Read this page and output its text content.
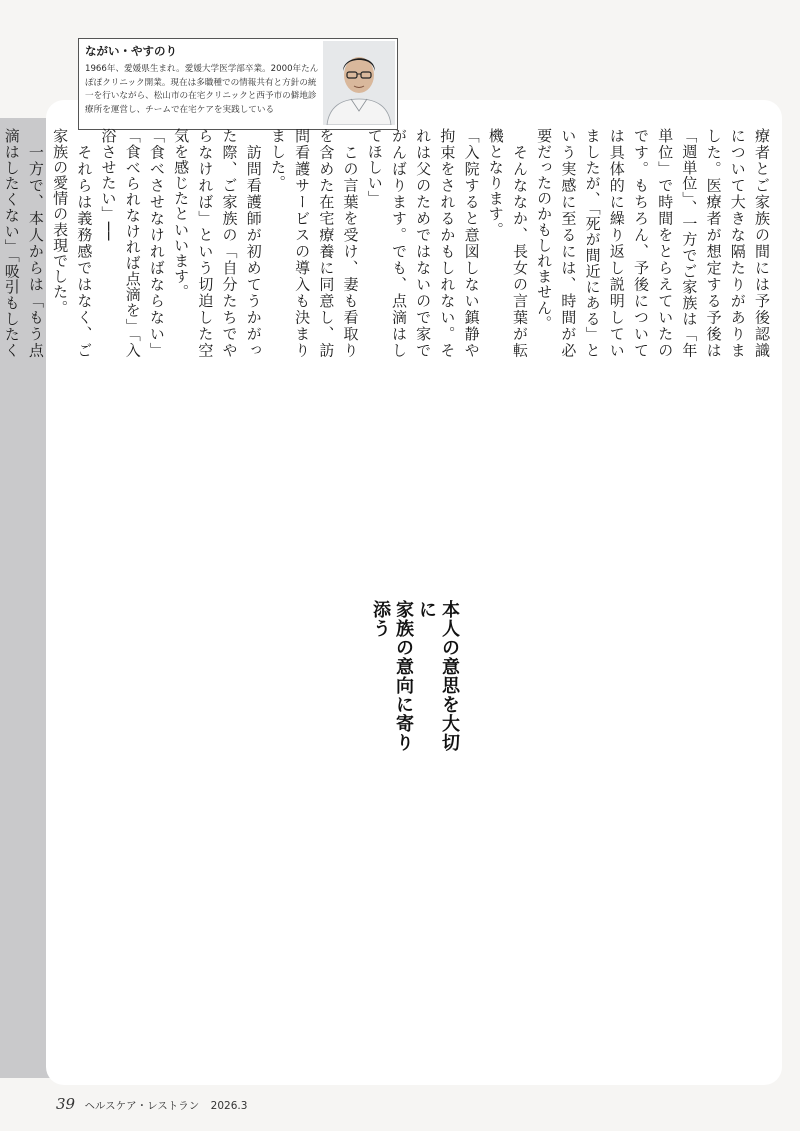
ながい・やすのり
1966年、愛媛県生まれ。愛媛大学医学部卒業。2000年たんぽぽクリニック開業。現在は多職種での情報共有と方針の統一を行いながら、松山市の在宅クリニックと西予市の僻地診療所を運営し、チームで在宅ケアを実践している
療者とご家族の間には予後認識について大きな隔たりがありました。医療者が想定する予後は「週単位」、一方でご家族は「年単位」で時間をとらえていたのです。もちろん、予後については具体的に繰り返し説明していましたが、「死が間近にある」という実感に至るには、時間が必要だったのかもしれません。
　そんななか、長女の言葉が転機となります。
「入院すると意図しない鎮静や拘束をされるかもしれない。それは父のためではないので家でがんばります。でも、点滴はしてほしい」
　この言葉を受け、妻も看取りを含めた在宅療養に同意し、訪問看護サービスの導入も決まりました。
　訪問看護師が初めてうかがった際、ご家族の「自分たちでやらなければ」という切迫した空気を感じたといいます。
「食べさせなければならない」「食べられなければ点滴を」「入浴させたい」──
　それらは義務感ではなく、ご家族の愛情の表現でした。
　一方で、本人からは「もう点滴はしたくない」「吸引もしたく
本人の意思を大切に
家族の意向に寄り添う
39 ヘルスケア・レストラン 2026.3
